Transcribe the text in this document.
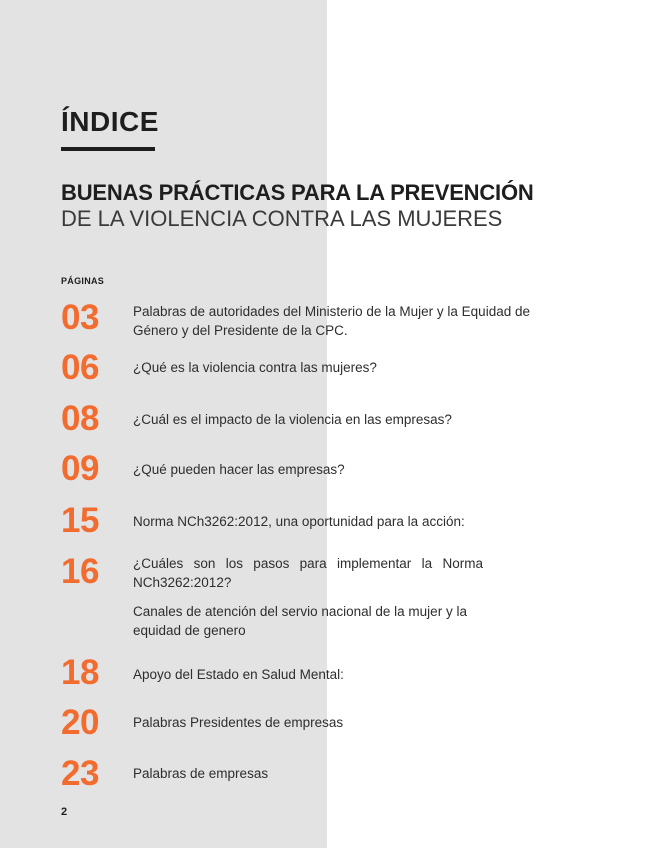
ÍNDICE
BUENAS PRÁCTICAS PARA LA PREVENCIÓN
DE LA VIOLENCIA CONTRA LAS MUJERES
PÁGINAS
03	Palabras de autoridades del Ministerio de la Mujer y la Equidad de Género y del Presidente de la CPC.
06	¿Qué es la violencia contra las mujeres?
08	¿Cuál es el impacto de la violencia en las empresas?
09	¿Qué pueden hacer las empresas?
15	Norma NCh3262:2012, una oportunidad para la acción:
16	¿Cuáles son los pasos para implementar la Norma NCh3262:2012?
Canales de atención del servio nacional de la mujer y la equidad de genero
18	Apoyo del Estado en Salud Mental:
20	Palabras Presidentes de empresas
23	Palabras de empresas
2
